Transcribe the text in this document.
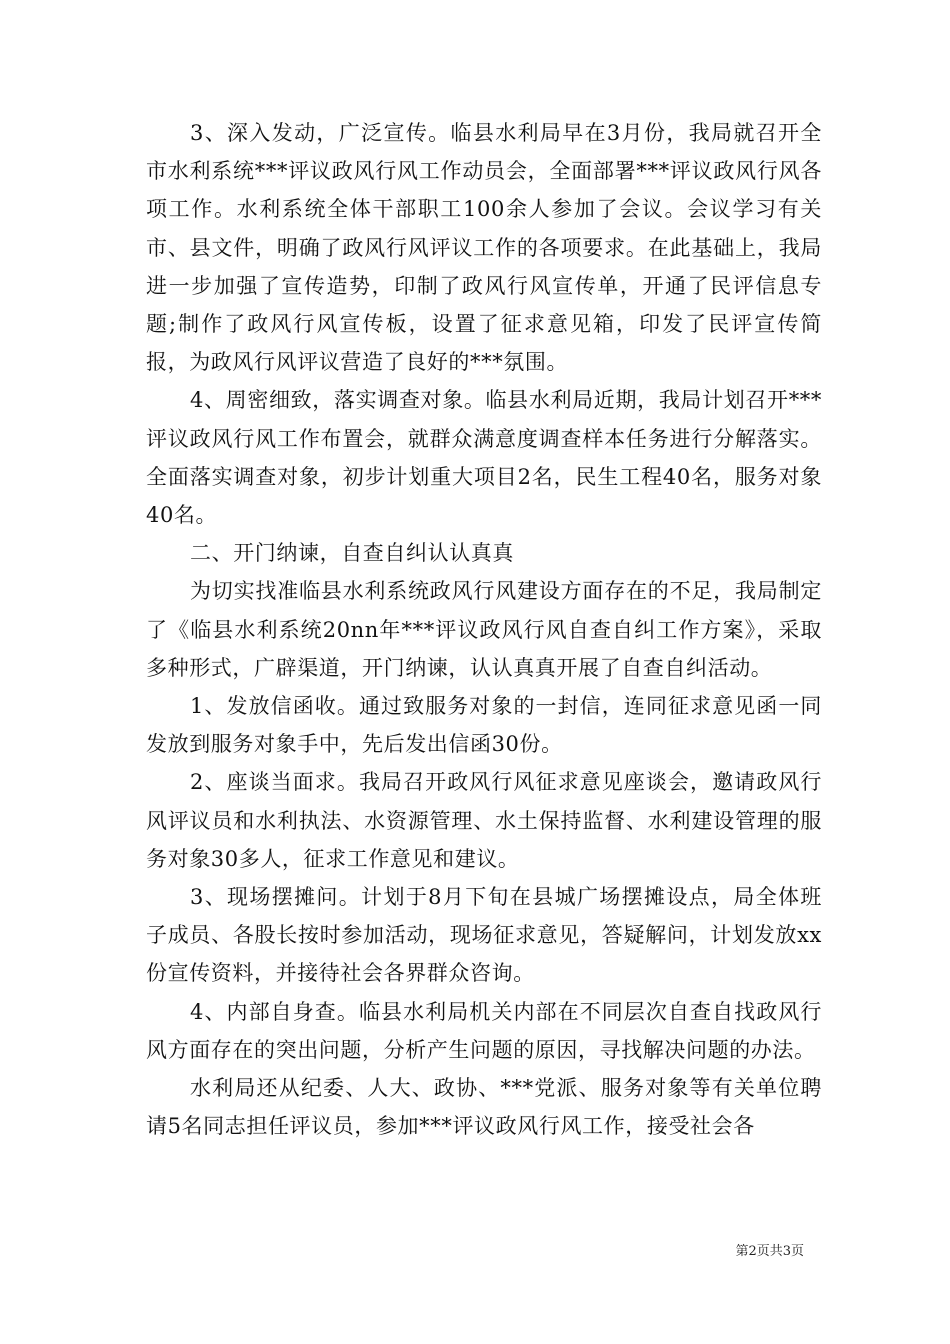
3、深入发动，广泛宣传。临县水利局早在3月份，我局就召开全市水利系统***评议政风行风工作动员会，全面部署***评议政风行风各项工作。水利系统全体干部职工100余人参加了会议。会议学习有关市、县文件，明确了政风行风评议工作的各项要求。在此基础上，我局进一步加强了宣传造势，印制了政风行风宣传单，开通了民评信息专题;制作了政风行风宣传板，设置了征求意见箱，印发了民评宣传简报，为政风行风评议营造了良好的***氛围。

4、周密细致，落实调查对象。临县水利局近期，我局计划召开***评议政风行风工作布置会，就群众满意度调查样本任务进行分解落实。全面落实调查对象，初步计划重大项目2名，民生工程40名，服务对象40名。

二、开门纳谏，自查自纠认认真真

为切实找准临县水利系统政风行风建设方面存在的不足，我局制定了《临县水利系统20nn年***评议政风行风自查自纠工作方案》，采取多种形式，广辟渠道，开门纳谏，认认真真开展了自查自纠活动。

1、发放信函收。通过致服务对象的一封信，连同征求意见函一同发放到服务对象手中，先后发出信函30份。

2、座谈当面求。我局召开政风行风征求意见座谈会，邀请政风行风评议员和水利执法、水资源管理、水土保持监督、水利建设管理的服务对象30多人，征求工作意见和建议。

3、现场摆摊问。计划于8月下旬在县城广场摆摊设点，局全体班子成员、各股长按时参加活动，现场征求意见，答疑解问，计划发放xx份宣传资料，并接待社会各界群众咨询。

4、内部自身查。临县水利局机关内部在不同层次自查自找政风行风方面存在的突出问题，分析产生问题的原因，寻找解决问题的办法。

水利局还从纪委、人大、政协、***党派、服务对象等有关单位聘请5名同志担任评议员，参加***评议政风行风工作，接受社会各

第2页共3页
